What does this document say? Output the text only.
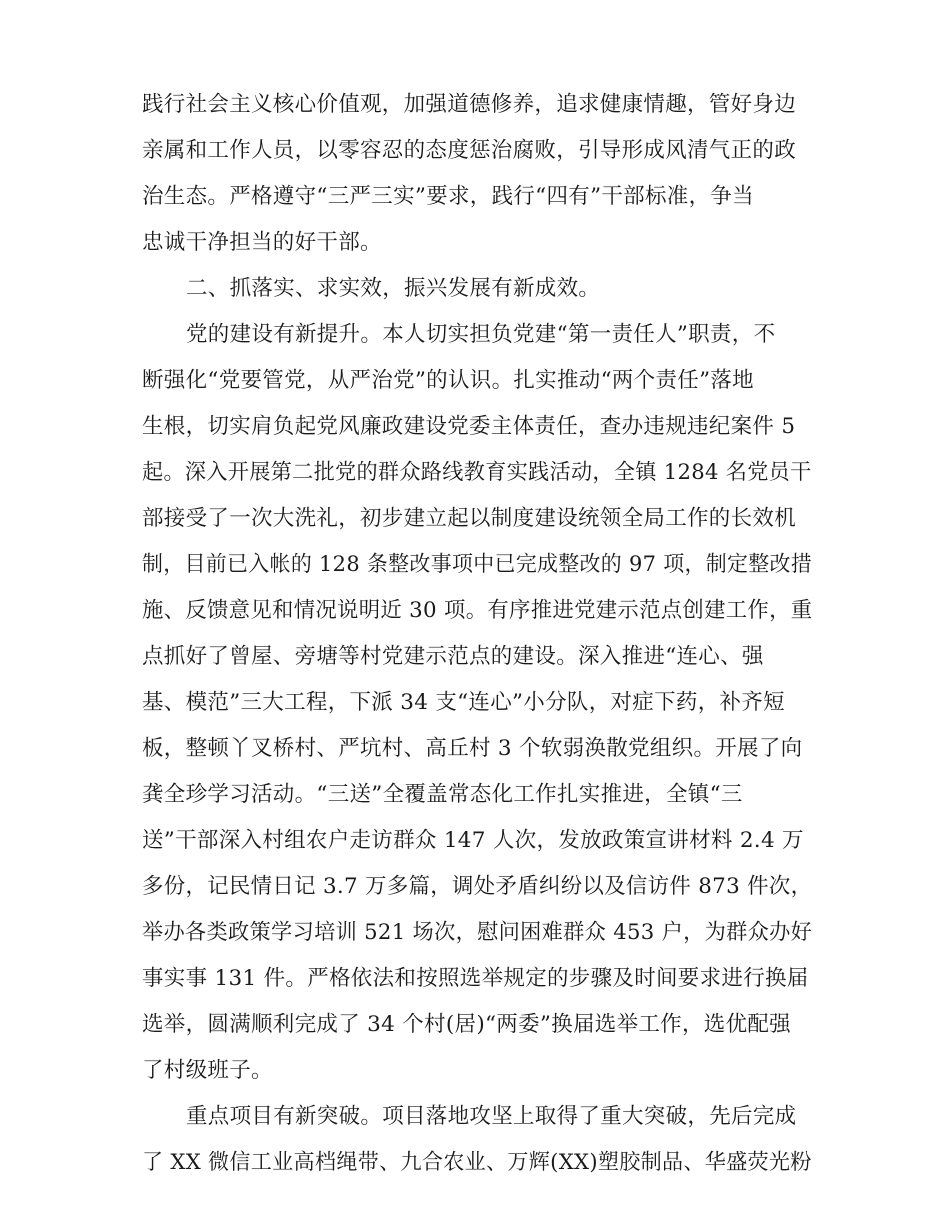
践行社会主义核心价值观，加强道德修养，追求健康情趣，管好身边
亲属和工作人员，以零容忍的态度惩治腐败，引导形成风清气正的政
治生态。严格遵守“三严三实”要求，践行“四有”干部标准，争当
忠诚干净担当的好干部。
二、抓落实、求实效，振兴发展有新成效。
党的建设有新提升。本人切实担负党建“第一责任人”职责，不
断强化“党要管党，从严治党”的认识。扎实推动“两个责任”落地
生根，切实肩负起党风廉政建设党委主体责任，查办违规违纪案件 5
起。深入开展第二批党的群众路线教育实践活动，全镇 1284 名党员干
部接受了一次大洗礼，初步建立起以制度建设统领全局工作的长效机
制，目前已入帐的 128 条整改事项中已完成整改的 97 项，制定整改措
施、反馈意见和情况说明近 30 项。有序推进党建示范点创建工作，重
点抓好了曾屋、旁塘等村党建示范点的建设。深入推进“连心、强
基、模范”三大工程，下派 34 支“连心”小分队，对症下药，补齐短
板，整顿丫叉桥村、严坑村、高丘村 3 个软弱涣散党组织。开展了向
龚全珍学习活动。“三送”全覆盖常态化工作扎实推进，全镇“三
送”干部深入村组农户走访群众 147 人次，发放政策宣讲材料 2.4 万
多份，记民情日记 3.7 万多篇，调处矛盾纠纷以及信访件 873 件次，
举办各类政策学习培训 521 场次，慰问困难群众 453 户，为群众办好
事实事 131 件。严格依法和按照选举规定的步骤及时间要求进行换届
选举，圆满顺利完成了 34 个村(居)“两委”换届选举工作，选优配强
了村级班子。
重点项目有新突破。项目落地攻坚上取得了重大突破，先后完成
了 XX 微信工业高档绳带、九合农业、万辉(XX)塑胶制品、华盛荧光粉
